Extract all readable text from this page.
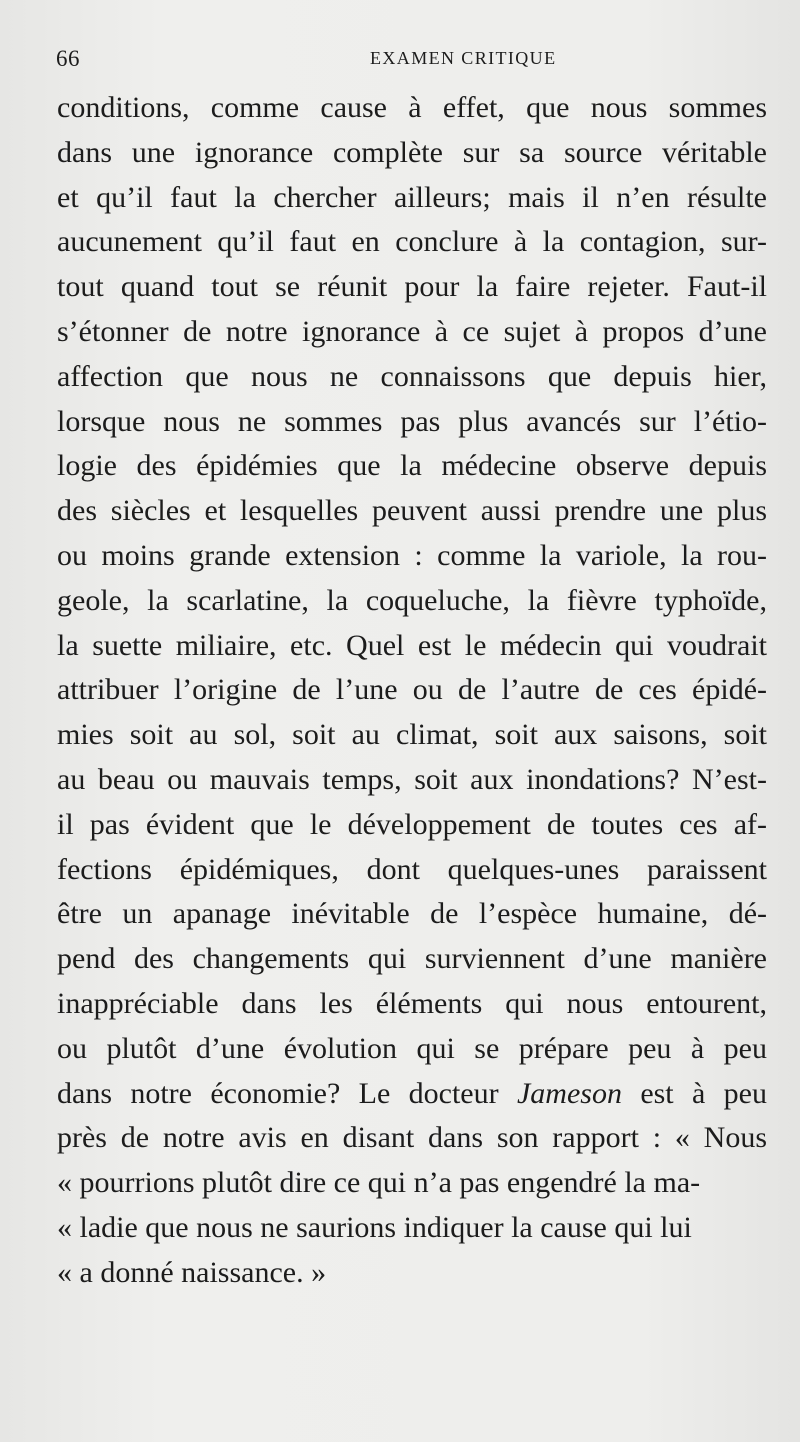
66	EXAMEN CRITIQUE
conditions, comme cause à effet, que nous sommes
dans une ignorance complète sur sa source véritable
et qu’il faut la chercher ailleurs; mais il n’en résulte
aucunement qu’il faut en conclure à la contagion, sur-
tout quand tout se réunit pour la faire rejeter. Faut-il
s’étonner de notre ignorance à ce sujet à propos d’une
affection que nous ne connaissons que depuis hier,
lorsque nous ne sommes pas plus avancés sur l’étio-
logie des épidémies que la médecine observe depuis
des siècles et lesquelles peuvent aussi prendre une plus
ou moins grande extension : comme la variole, la rou-
geole, la scarlatine, la coqueluche, la fièvre typhoïde,
la suette miliaire, etc. Quel est le médecin qui voudrait
attribuer l’origine de l’une ou de l’autre de ces épidé-
mies soit au sol, soit au climat, soit aux saisons, soit
au beau ou mauvais temps, soit aux inondations? N’est-
il pas évident que le développement de toutes ces af-
fections épidémiques, dont quelques-unes paraissent
être un apanage inévitable de l’espèce humaine, dé-
pend des changements qui surviennent d’une manière
inappréciable dans les éléments qui nous entourent,
ou plutôt d’une évolution qui se prépare peu à peu
dans notre économie? Le docteur Jameson est à peu
près de notre avis en disant dans son rapport : « Nous
« pourrions plutôt dire ce qui n’a pas engendré la ma-
« ladie que nous ne saurions indiquer la cause qui lui
« a donné naissance. »
